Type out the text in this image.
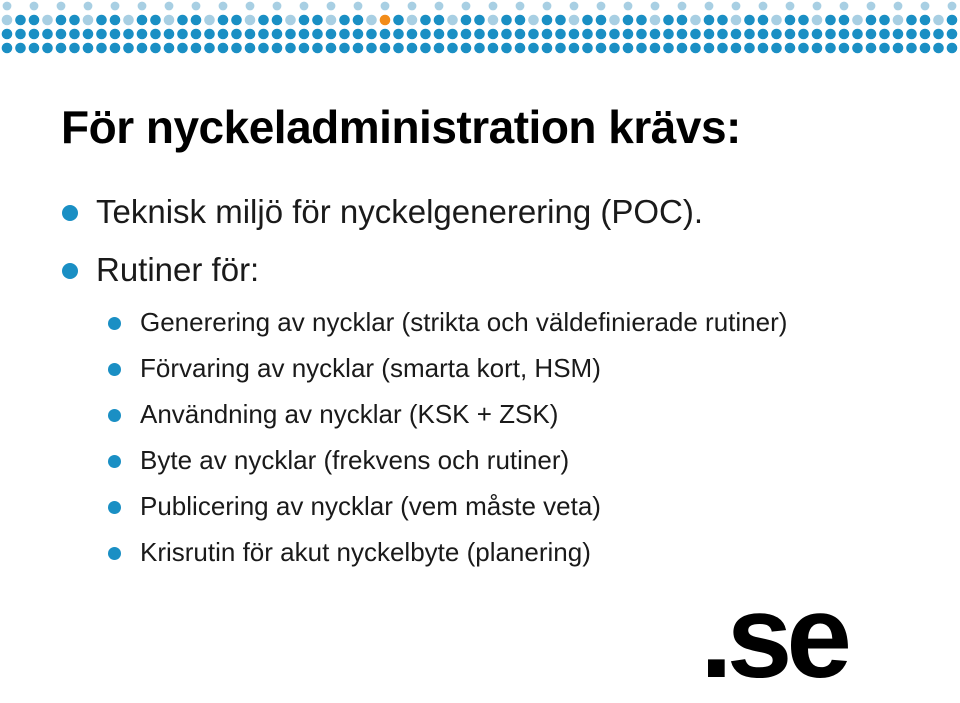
För nyckeladministration krävs:
Teknisk miljö för nyckelgenerering (POC).
Rutiner för:
Generering av nycklar (strikta och väldefinierade rutiner)
Förvaring av nycklar (smarta kort, HSM)
Användning av nycklar (KSK + ZSK)
Byte av nycklar (frekvens och rutiner)
Publicering av nycklar (vem måste veta)
Krisrutin för akut nyckelbyte (planering)
.se
